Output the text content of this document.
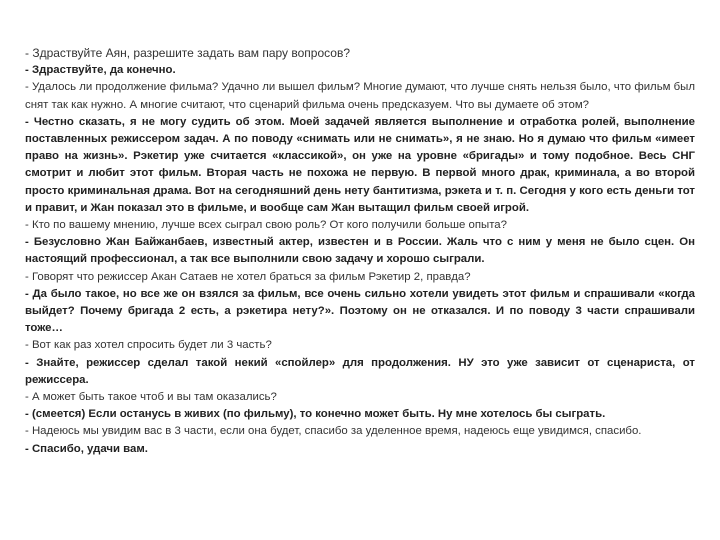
- Здраствуйте Аян, разрешите задать вам пару вопросов?

- Здраствуйте, да конечно.

- Удалось ли продолжение фильма? Удачно ли вышел фильм? Многие думают, что лучше снять нельзя было, что фильм был снят так как нужно. А многие считают, что сценарий фильма очень предсказуем. Что вы думаете об этом?

- Честно сказать, я не могу судить об этом. Моей задачей является выполнение и отработка ролей, выполнение поставленных режиссером задач. А по поводу «снимать или не снимать», я не знаю. Но я думаю что фильм «имеет право на жизнь». Рэкетир уже считается «классикой», он уже на уровне «бригады» и тому подобное. Весь СНГ смотрит и любит этот фильм. Вторая часть не похожа не первую. В первой много драк, криминала, а во второй просто криминальная драма. Вот на сегодняшний день нету бантитизма, рэкета и т. п. Сегодня у кого есть деньги тот и правит, и Жан показал это в фильме, и вообще сам Жан вытащил фильм своей игрой.

- Кто по вашему мнению, лучше всех сыграл свою роль? От кого получили больше опыта?

- Безусловно Жан Байжанбаев, известный актер, известен и в России. Жаль что с ним у меня не было сцен. Он настоящий профессионал, а так все выполнили свою задачу и хорошо сыграли.

- Говорят что режиссер Акан Сатаев не хотел браться за фильм Рэкетир 2, правда?

- Да было такое, но все же он взялся за фильм, все очень сильно хотели увидеть этот фильм и спрашивали «когда выйдет? Почему бригада 2 есть, а рэкетира нету?». Поэтому он не отказался. И по поводу 3 части спрашивали тоже…

- Вот как раз хотел спросить будет ли 3 часть?

- Знайте, режиссер сделал такой некий «спойлер» для продолжения. НУ это уже зависит от сценариста, от режиссера.

- А может быть такое чтоб и вы там оказались?

- (смеется) Если останусь в живих (по фильму), то конечно может быть. Ну мне хотелось бы сыграть.

- Надеюсь мы увидим вас в 3 части, если она будет, спасибо за уделенное время, надеюсь еще увидимся, спасибо.

- Спасибо, удачи вам.
